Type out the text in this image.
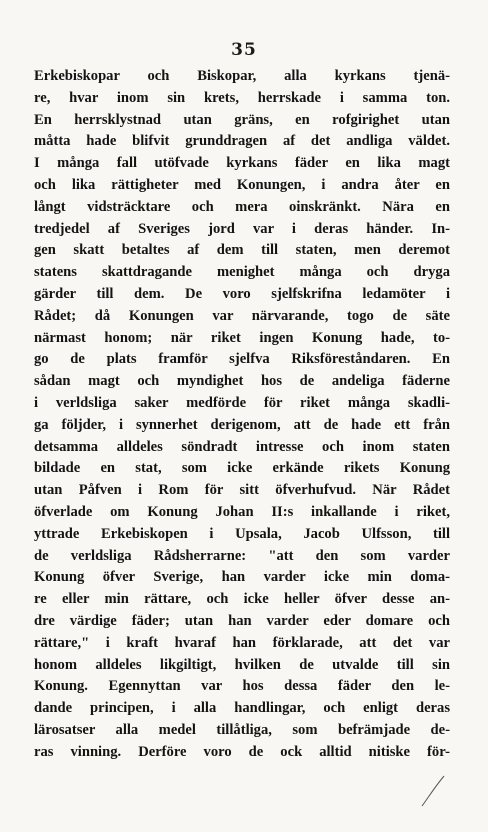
35
Erkebiskopar och Biskopar, alla kyrkans tjenä-
re, hvar inom sin krets, herrskade i samma ton.
En herrsklystnad utan gräns, en rofgirighet utan
måtta hade blifvit grunddragen af det andliga väldet.
I många fall utöfvade kyrkans fäder en lika magt
och lika rättigheter med Konungen, i andra åter en
långt vidsträcktare och mera oinskränkt. Nära en
tredjedel af Sveriges jord var i deras händer. In-
gen skatt betaltes af dem till staten, men deremot
statens skattdragande menighet många och dryga
gärder till dem. De voro sjelfskrifna ledamöter i
Rådet; då Konungen var närvarande, togo de säte
närmast honom; när riket ingen Konung hade, to-
go de plats framför sjelfva Riksföreståndaren. En
sådan magt och myndighet hos de andeliga fäderne
i verldsliga saker medförde för riket många skadli-
ga följder, i synnerhet derigenom, att de hade ett från
detsamma alldeles söndradt intresse och inom staten
bildade en stat, som icke erkände rikets Konung
utan Påfven i Rom för sitt öfverhufvud. När Rådet
öfverlade om Konung Johan II:s inkallande i riket,
yttrade Erkebiskopen i Upsala, Jacob Ulfsson, till
de verldsliga Rådsherrarne: "att den som varder
Konung öfver Sverige, han varder icke min doma-
re eller min rättare, och icke heller öfver desse an-
dre värdige fäder; utan han varder eder domare och
rättare," i kraft hvaraf han förklarade, att det var
honom alldeles likgiltigt, hvilken de utvalde till sin
Konung. Egennyttan var hos dessa fäder den le-
dande principen, i alla handlingar, och enligt deras
lärosatser alla medel tillåtliga, som befrämjade de-
ras vinning. Derföre voro de ock alltid nitiske för-
